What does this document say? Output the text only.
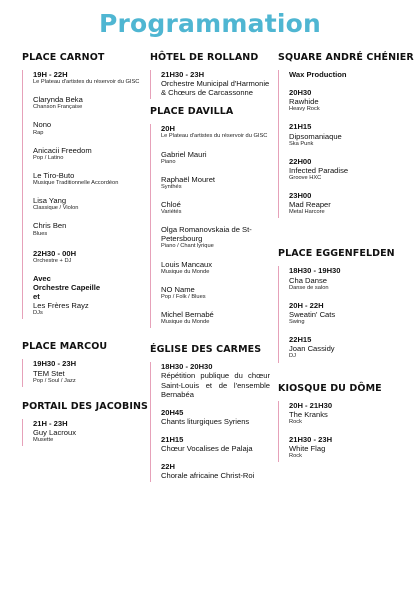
Programmation
PLACE CARNOT
19H - 22H
Le Plateau d'artistes du réservoir du GISC
Clarynda Beka
Chanson Française
Nono
Rap
Anicacii Freedom
Pop / Latino
Le Tiro-Buto
Musique Traditionnelle Accordéon
Lisa Yang
Classique / Violon
Chris Ben
Blues
22H30 - 00H
Orchestre + DJ
Avec
Orchestre Capeille
et
Les Frères Rayz
DJs
PLACE MARCOU
19H30 - 23H
TEM Stet
Pop / Soul / Jazz
PORTAIL DES JACOBINS
21H - 23H
Guy Lacroux
Musette
HÔTEL DE ROLLAND
21H30 - 23H
Orchestre Municipal d'Harmonie & Chœurs de Carcassonne
PLACE DAVILLA
20H
Le Plateau d'artistes du réservoir du GISC
Gabriel Mauri
Piano
Raphaël Mouret
Synthés
Chloé
Variétés
Olga Romanovskaia de St-Petersbourg
Piano / Chant lyrique
Louis Mancaux
Musique du Monde
NO Name
Pop / Folk / Blues
Michel Bernabé
Musique du Monde
ÉGLISE DES CARMES
18H30 - 20H30
Répétition publique du chœur Saint-Louis et de l'ensemble Bernabéa
20H45
Chants liturgiques Syriens
21H15
Chœur Vocalises de Palaja
22H
Chorale africaine Christ-Roi
SQUARE ANDRÉ CHÉNIER
Wax Production
20H30
Rawhide
Heavy Rock
21H15
Dipsomaniaque
Ska Punk
22H00
Infected Paradise
Groove HXC
23H00
Mad Reaper
Metal Harcore
PLACE EGGENFELDEN
18H30 - 19H30
Cha Danse
Danse de salon
20H - 22H
Sweatin' Cats
Swing
22H15
Joan Cassidy
DJ
KIOSQUE DU DÔME
20H - 21H30
The Kranks
Rock
21H30 - 23H
White Flag
Rock
